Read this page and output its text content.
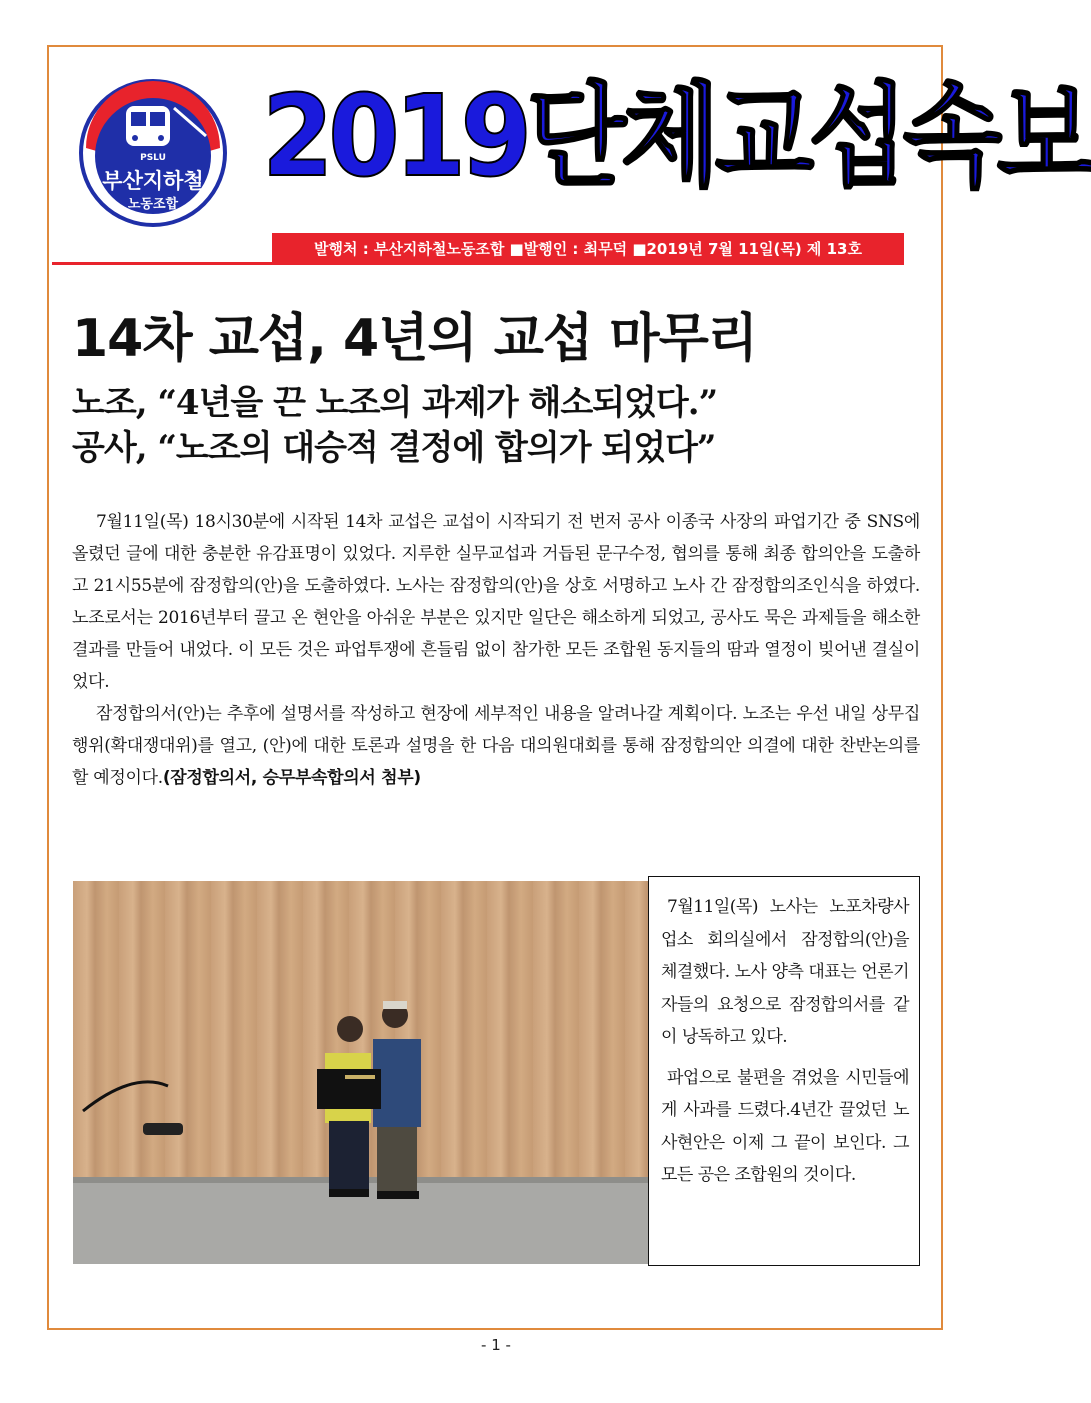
PSLU
부산지하철
노동조합
2019단체교섭속보
발행처 : 부산지하철노동조합 ■발행인 : 최무덕 ■2019년 7월 11일(목) 제 13호
14차 교섭, 4년의 교섭 마무리
노조, “4년을 끈 노조의 과제가 해소되었다.”
공사, “노조의 대승적 결정에 합의가 되었다”

7월11일(목) 18시30분에 시작된 14차 교섭은 교섭이 시작되기 전 번저 공사 이종국 사장의 파업기간 중 SNS에 올렸던 글에 대한 충분한 유감표명이 있었다. 지루한 실무교섭과 거듭된 문구수정, 협의를 통해 최종 합의안을 도출하고 21시55분에 잠정합의(안)을 도출하였다. 노사는 잠정합의(안)을 상호 서명하고 노사 간 잠정합의조인식을 하였다. 노조로서는 2016년부터 끌고 온 현안을 아쉬운 부분은 있지만 일단은 해소하게 되었고, 공사도 묵은 과제들을 해소한 결과를 만들어 내었다. 이 모든 것은 파업투쟁에 흔들림 없이 참가한 모든 조합원 동지들의 땀과 열정이 빚어낸 결실이었다.

잠정합의서(안)는 추후에 설명서를 작성하고 현장에 세부적인 내용을 알려나갈 계획이다. 노조는 우선 내일 상무집행위(확대쟁대위)를 열고, (안)에 대한 토론과 설명을 한 다음 대의원대회를 통해 잠정합의안 의결에 대한 찬반논의를 할 예정이다.(잠정합의서, 승무부속합의서 첨부)

7월11일(목) 노사는 노포차량사업소 회의실에서 잠정합의(안)을 체결했다. 노사 양측 대표는 언론기자들의 요청으로 잠정합의서를 같이 낭독하고 있다.

파업으로 불편을 겪었을 시민들에게 사과를 드렸다.4년간 끌었던 노사현안은 이제 그 끝이 보인다. 그 모든 공은 조합원의 것이다.

- 1 -
